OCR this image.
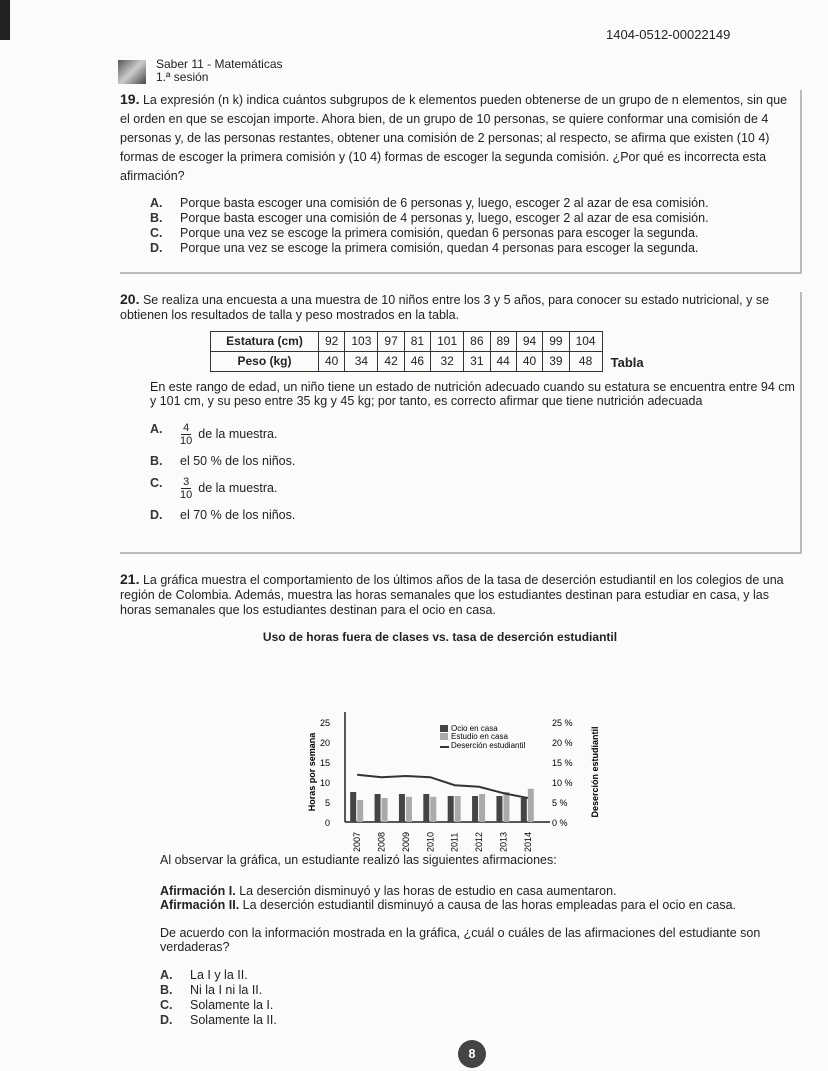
1404-0512-00022149
Saber 11 - Matemáticas
1.ª sesión
19. La expresión (n k) indica cuántos subgrupos de k elementos pueden obtenerse de un grupo de n elementos, sin que el orden en que se escojan importe. Ahora bien, de un grupo de 10 personas, se quiere conformar una comisión de 4 personas y, de las personas restantes, obtener una comisión de 2 personas; al respecto, se afirma que existen (10 4) formas de escoger la primera comisión y (10 4) formas de escoger la segunda comisión. ¿Por qué es incorrecta esta afirmación?
A.	Porque basta escoger una comisión de 6 personas y, luego, escoger 2 al azar de esa comisión.
B.	Porque basta escoger una comisión de 4 personas y, luego, escoger 2 al azar de esa comisión.
C.	Porque una vez se escoge la primera comisión, quedan 6 personas para escoger la segunda.
D.	Porque una vez se escoge la primera comisión, quedan 4 personas para escoger la segunda.
20. Se realiza una encuesta a una muestra de 10 niños entre los 3 y 5 años, para conocer su estado nutricional, y se obtienen los resultados de talla y peso mostrados en la tabla.
Estatura (cm)	92	103	97	81	101	86	89	94	99	104
Peso (kg)	40	34	42	46	32	31	44	40	39	48 Tabla
En este rango de edad, un niño tiene un estado de nutrición adecuado cuando su estatura se encuentra entre 94 cm y 101 cm, y su peso entre 35 kg y 45 kg; por tanto, es correcto afirmar que tiene nutrición adecuada
A.	$\frac{4}{10}$ de la muestra.
B.	el 50 % de los niños.
C.	$\frac{3}{10}$ de la muestra.
D.	el 70 % de los niños.
21. La gráfica muestra el comportamiento de los últimos años de la tasa de deserción estudiantil en los colegios de una región de Colombia. Además, muestra las horas semanales que los estudiantes destinan para estudiar en casa, y las horas semanales que los estudiantes destinan para el ocio en casa.
Uso de horas fuera de clases vs. tasa de deserción estudiantil
0
5
10
15
20
25
0 %
5 %
10 %
15 %
20 %
25 %
Horas por semana	Deserción estudiantil
2007 2008 2009 2010 2011 2012 2013 2014
Ocio en casa
Estudio en casa
Deserción estudiantil
Al observar la gráfica, un estudiante realizó las siguientes afirmaciones:
Afirmación I. La deserción disminuyó y las horas de estudio en casa aumentaron.
Afirmación II. La deserción estudiantil disminuyó a causa de las horas empleadas para el ocio en casa.
De acuerdo con la información mostrada en la gráfica, ¿cuál o cuáles de las afirmaciones del estudiante son verdaderas?
A.	La I y la II.
B.	Ni la I ni la II.
C.	Solamente la I.
D.	Solamente la II.
8
